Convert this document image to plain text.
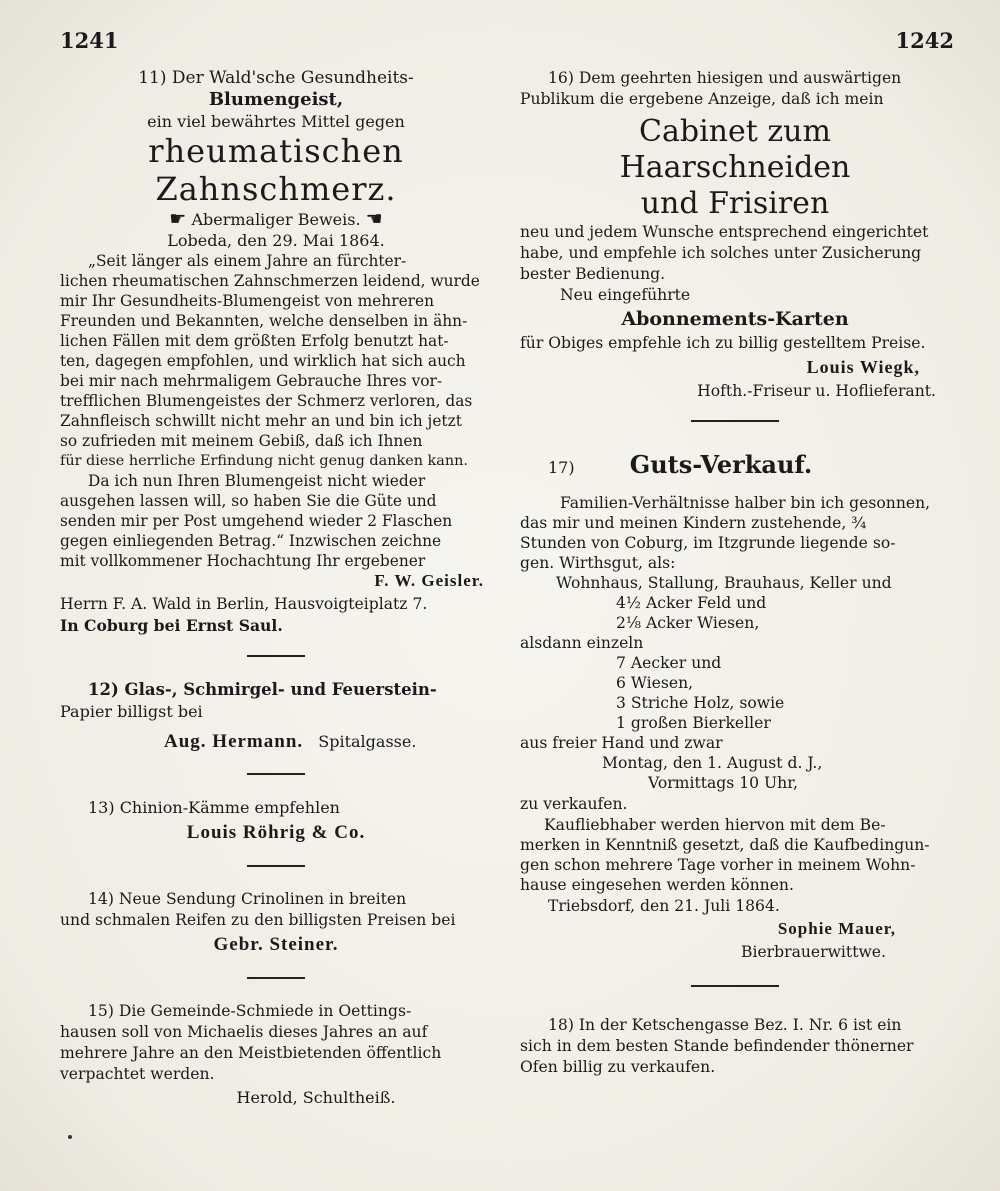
1241	1242

11) Der Wald'sche Gesundheits-

Blumengeist,

ein viel bewährtes Mittel gegen

rheumatischen Zahnschmerz.

☛ Abermaliger Beweis. ☚

Lobeda, den 29. Mai 1864.

„Seit länger als einem Jahre an fürchter-

lichen rheumatischen Zahnschmerzen leidend, wurde

mir Ihr Gesundheits-Blumengeist von mehreren

Freunden und Bekannten, welche denselben in ähn-

lichen Fällen mit dem größten Erfolg benutzt hat-

ten, dagegen empfohlen, und wirklich hat sich auch

bei mir nach mehrmaligem Gebrauche Ihres vor-

trefflichen Blumengeistes der Schmerz verloren, das

Zahnfleisch schwillt nicht mehr an und bin ich jetzt

so zufrieden mit meinem Gebiß, daß ich Ihnen

für diese herrliche Erfindung nicht genug danken kann.

Da ich nun Ihren Blumengeist nicht wieder

ausgehen lassen will, so haben Sie die Güte und

senden mir per Post umgehend wieder 2 Flaschen

gegen einliegenden Betrag.“ Inzwischen zeichne

mit vollkommener Hochachtung Ihr ergebener

F. W. Geisler.

Herrn F. A. Wald in Berlin, Hausvoigteiplatz 7.

In Coburg bei Ernst Saul.

12) Glas-, Schmirgel- und Feuerstein-

Papier billigst bei

Aug. Hermann. Spitalgasse.

13) Chinion-Kämme empfehlen

Louis Röhrig & Co.

14) Neue Sendung Crinolinen in breiten

und schmalen Reifen zu den billigsten Preisen bei

Gebr. Steiner.

15) Die Gemeinde-Schmiede in Oettings-

hausen soll von Michaelis dieses Jahres an auf

mehrere Jahre an den Meistbietenden öffentlich

verpachtet werden.

Herold, Schultheiß.

16) Dem geehrten hiesigen und auswärtigen

Publikum die ergebene Anzeige, daß ich mein

Cabinet zum Haarschneiden

und Frisiren

neu und jedem Wunsche entsprechend eingerichtet

habe, und empfehle ich solches unter Zusicherung

bester Bedienung.

Neu eingeführte

Abonnements-Karten

für Obiges empfehle ich zu billig gestelltem Preise.

Louis Wiegk,

Hofth.-Friseur u. Hoflieferant.

17) Guts-Verkauf.

Familien-Verhältnisse halber bin ich gesonnen,

das mir und meinen Kindern zustehende, ¾

Stunden von Coburg, im Itzgrunde liegende so-

gen. Wirthsgut, als:

Wohnhaus, Stallung, Brauhaus, Keller und

4½ Acker Feld und

2⅛ Acker Wiesen,

alsdann einzeln

7 Aecker und

6 Wiesen,

3 Striche Holz, sowie

1 großen Bierkeller

aus freier Hand und zwar

Montag, den 1. August d. J.,

Vormittags 10 Uhr,

zu verkaufen.

Kaufliebhaber werden hiervon mit dem Be-

merken in Kenntniß gesetzt, daß die Kaufbedingun-

gen schon mehrere Tage vorher in meinem Wohn-

hause eingesehen werden können.

Triebsdorf, den 21. Juli 1864.

Sophie Mauer,

Bierbrauerwittwe.

18) In der Ketschengasse Bez. I. Nr. 6 ist ein

sich in dem besten Stande befindender thönerner

Ofen billig zu verkaufen.
